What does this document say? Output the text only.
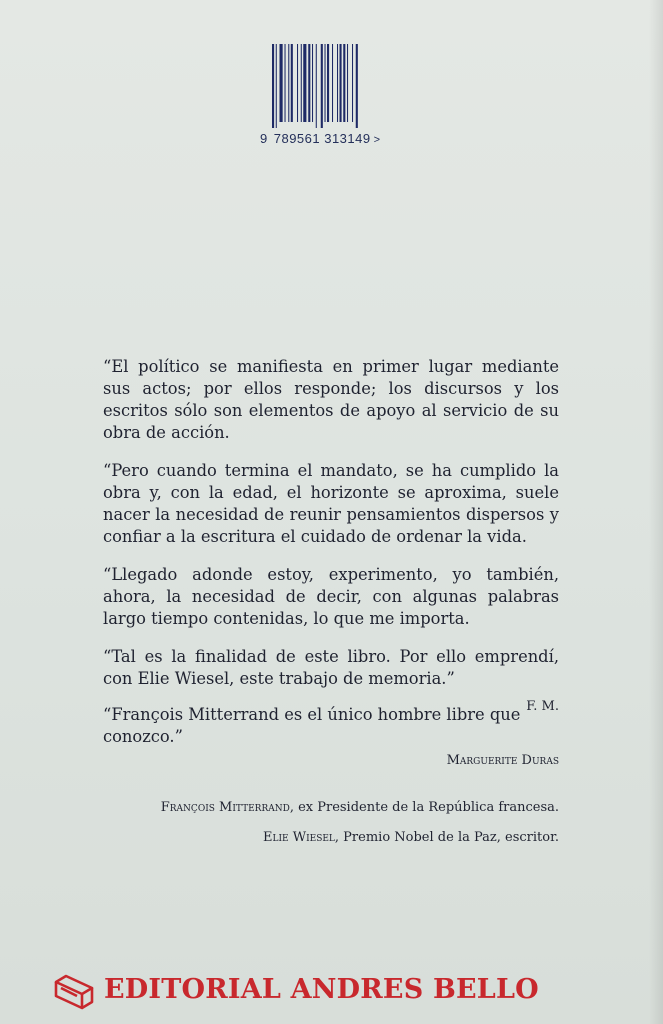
9 789561 313149 >

“El político se manifiesta en primer lugar mediante sus actos; por ellos responde; los discursos y los escritos sólo son elementos de apoyo al servicio de su obra de acción.

“Pero cuando termina el mandato, se ha cumplido la obra y, con la edad, el horizonte se aproxima, suele nacer la necesidad de reunir pensamientos dispersos y confiar a la escritura el cuidado de ordenar la vida.

“Llegado adonde estoy, experimento, yo también, ahora, la necesidad de decir, con algunas palabras largo tiempo contenidas, lo que me importa.

“Tal es la finalidad de este libro. Por ello emprendí, con Elie Wiesel, este trabajo de memoria.”

F. M.
“François Mitterrand es el único hombre libre que conozco.”
Marguerite Duras
François Mitterrand, ex Presidente de la República francesa.
Elie Wiesel, Premio Nobel de la Paz, escritor.
EDITORIAL ANDRES BELLO
